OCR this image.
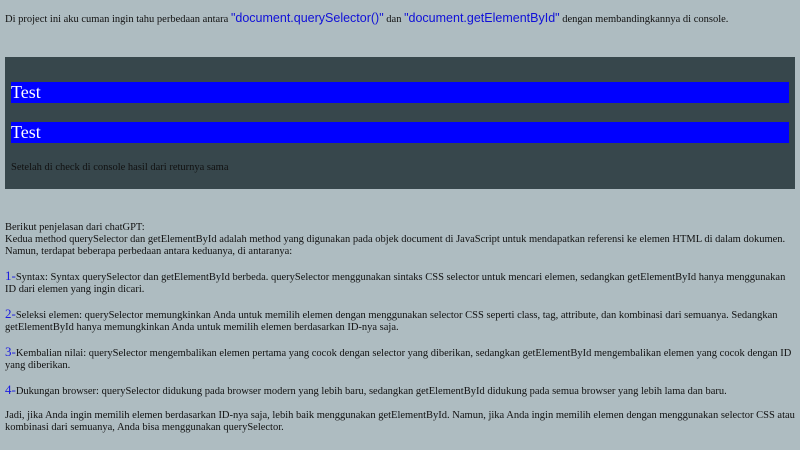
Di project ini aku cuman ingin tahu perbedaan antara "document.querySelector()" dan "document.getElementById" dengan membandingkannya di console.
Test
Test
Setelah di check di console hasil dari returnya sama

Berikut penjelasan dari chatGPT:

Kedua method querySelector dan getElementById adalah method yang digunakan pada objek document di JavaScript untuk mendapatkan referensi ke elemen HTML di dalam dokumen. Namun, terdapat beberapa perbedaan antara keduanya, di antaranya:

1-Syntax: Syntax querySelector dan getElementById berbeda. querySelector menggunakan sintaks CSS selector untuk mencari elemen, sedangkan getElementById hanya menggunakan ID dari elemen yang ingin dicari.

2-Seleksi elemen: querySelector memungkinkan Anda untuk memilih elemen dengan menggunakan selector CSS seperti class, tag, attribute, dan kombinasi dari semuanya. Sedangkan getElementById hanya memungkinkan Anda untuk memilih elemen berdasarkan ID-nya saja.

3-Kembalian nilai: querySelector mengembalikan elemen pertama yang cocok dengan selector yang diberikan, sedangkan getElementById mengembalikan elemen yang cocok dengan ID yang diberikan.

4-Dukungan browser: querySelector didukung pada browser modern yang lebih baru, sedangkan getElementById didukung pada semua browser yang lebih lama dan baru.

Jadi, jika Anda ingin memilih elemen berdasarkan ID-nya saja, lebih baik menggunakan getElementById. Namun, jika Anda ingin memilih elemen dengan menggunakan selector CSS atau kombinasi dari semuanya, Anda bisa menggunakan querySelector.
